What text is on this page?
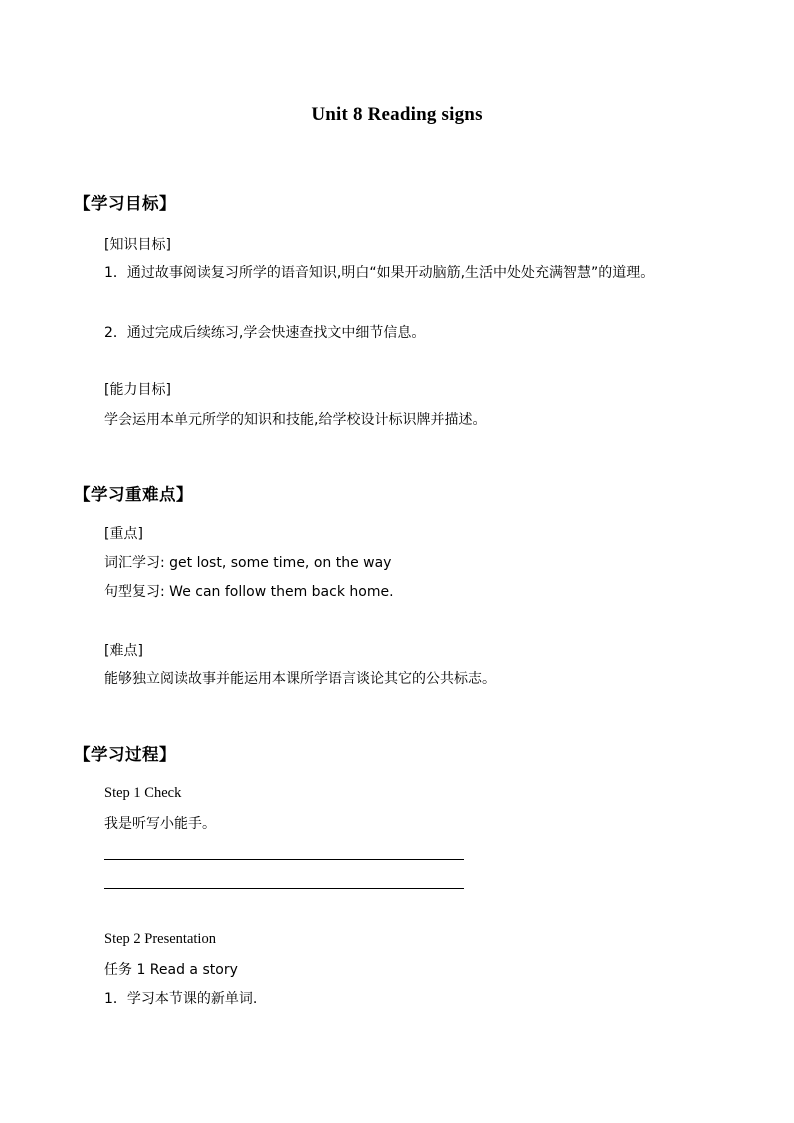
Unit 8 Reading signs
【学习目标】
[知识目标]
1．通过故事阅读复习所学的语音知识,明白“如果开动脑筋,生活中处处充满智慧”的道理。
2．通过完成后续练习,学会快速查找文中细节信息。
[能力目标]
学会运用本单元所学的知识和技能,给学校设计标识牌并描述。
【学习重难点】
[重点]
词汇学习: get lost, some time, on the way
句型复习: We can follow them back home.
[难点]
能够独立阅读故事并能运用本课所学语言谈论其它的公共标志。
【学习过程】
Step 1 Check
我是听写小能手。
Step 2 Presentation
任务 1 Read a story
1．学习本节课的新单词.
